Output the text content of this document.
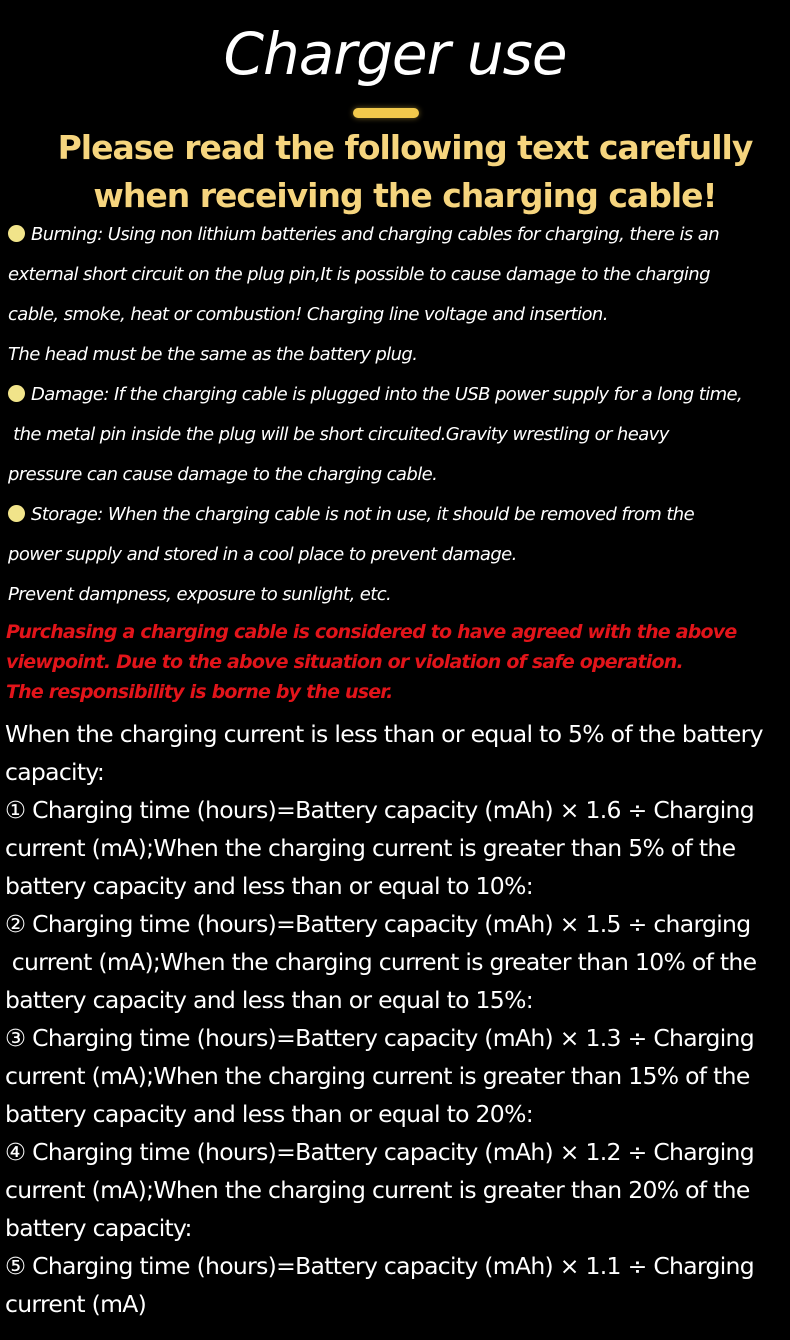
Charger use
Please read the following text carefully
when receiving the charging cable!
Burning: Using non lithium batteries and charging cables for charging, there is an
external short circuit on the plug pin,It is possible to cause damage to the charging
cable, smoke, heat or combustion! Charging line voltage and insertion.
The head must be the same as the battery plug.
Damage: If the charging cable is plugged into the USB power supply for a long time,
the metal pin inside the plug will be short circuited.Gravity wrestling or heavy
pressure can cause damage to the charging cable.
Storage: When the charging cable is not in use, it should be removed from the
power supply and stored in a cool place to prevent damage.
Prevent dampness, exposure to sunlight, etc.
Purchasing a charging cable is considered to have agreed with the above
viewpoint. Due to the above situation or violation of safe operation.
The responsibility is borne by the user.
When the charging current is less than or equal to 5% of the battery
capacity:
① Charging time (hours)=Battery capacity (mAh) × 1.6 ÷ Charging
current (mA);When the charging current is greater than 5% of the
battery capacity and less than or equal to 10%:
② Charging time (hours)=Battery capacity (mAh) × 1.5 ÷ charging
current (mA);When the charging current is greater than 10% of the
battery capacity and less than or equal to 15%:
③ Charging time (hours)=Battery capacity (mAh) × 1.3 ÷ Charging
current (mA);When the charging current is greater than 15% of the
battery capacity and less than or equal to 20%:
④ Charging time (hours)=Battery capacity (mAh) × 1.2 ÷ Charging
current (mA);When the charging current is greater than 20% of the
battery capacity:
⑤ Charging time (hours)=Battery capacity (mAh) × 1.1 ÷ Charging
current (mA)
